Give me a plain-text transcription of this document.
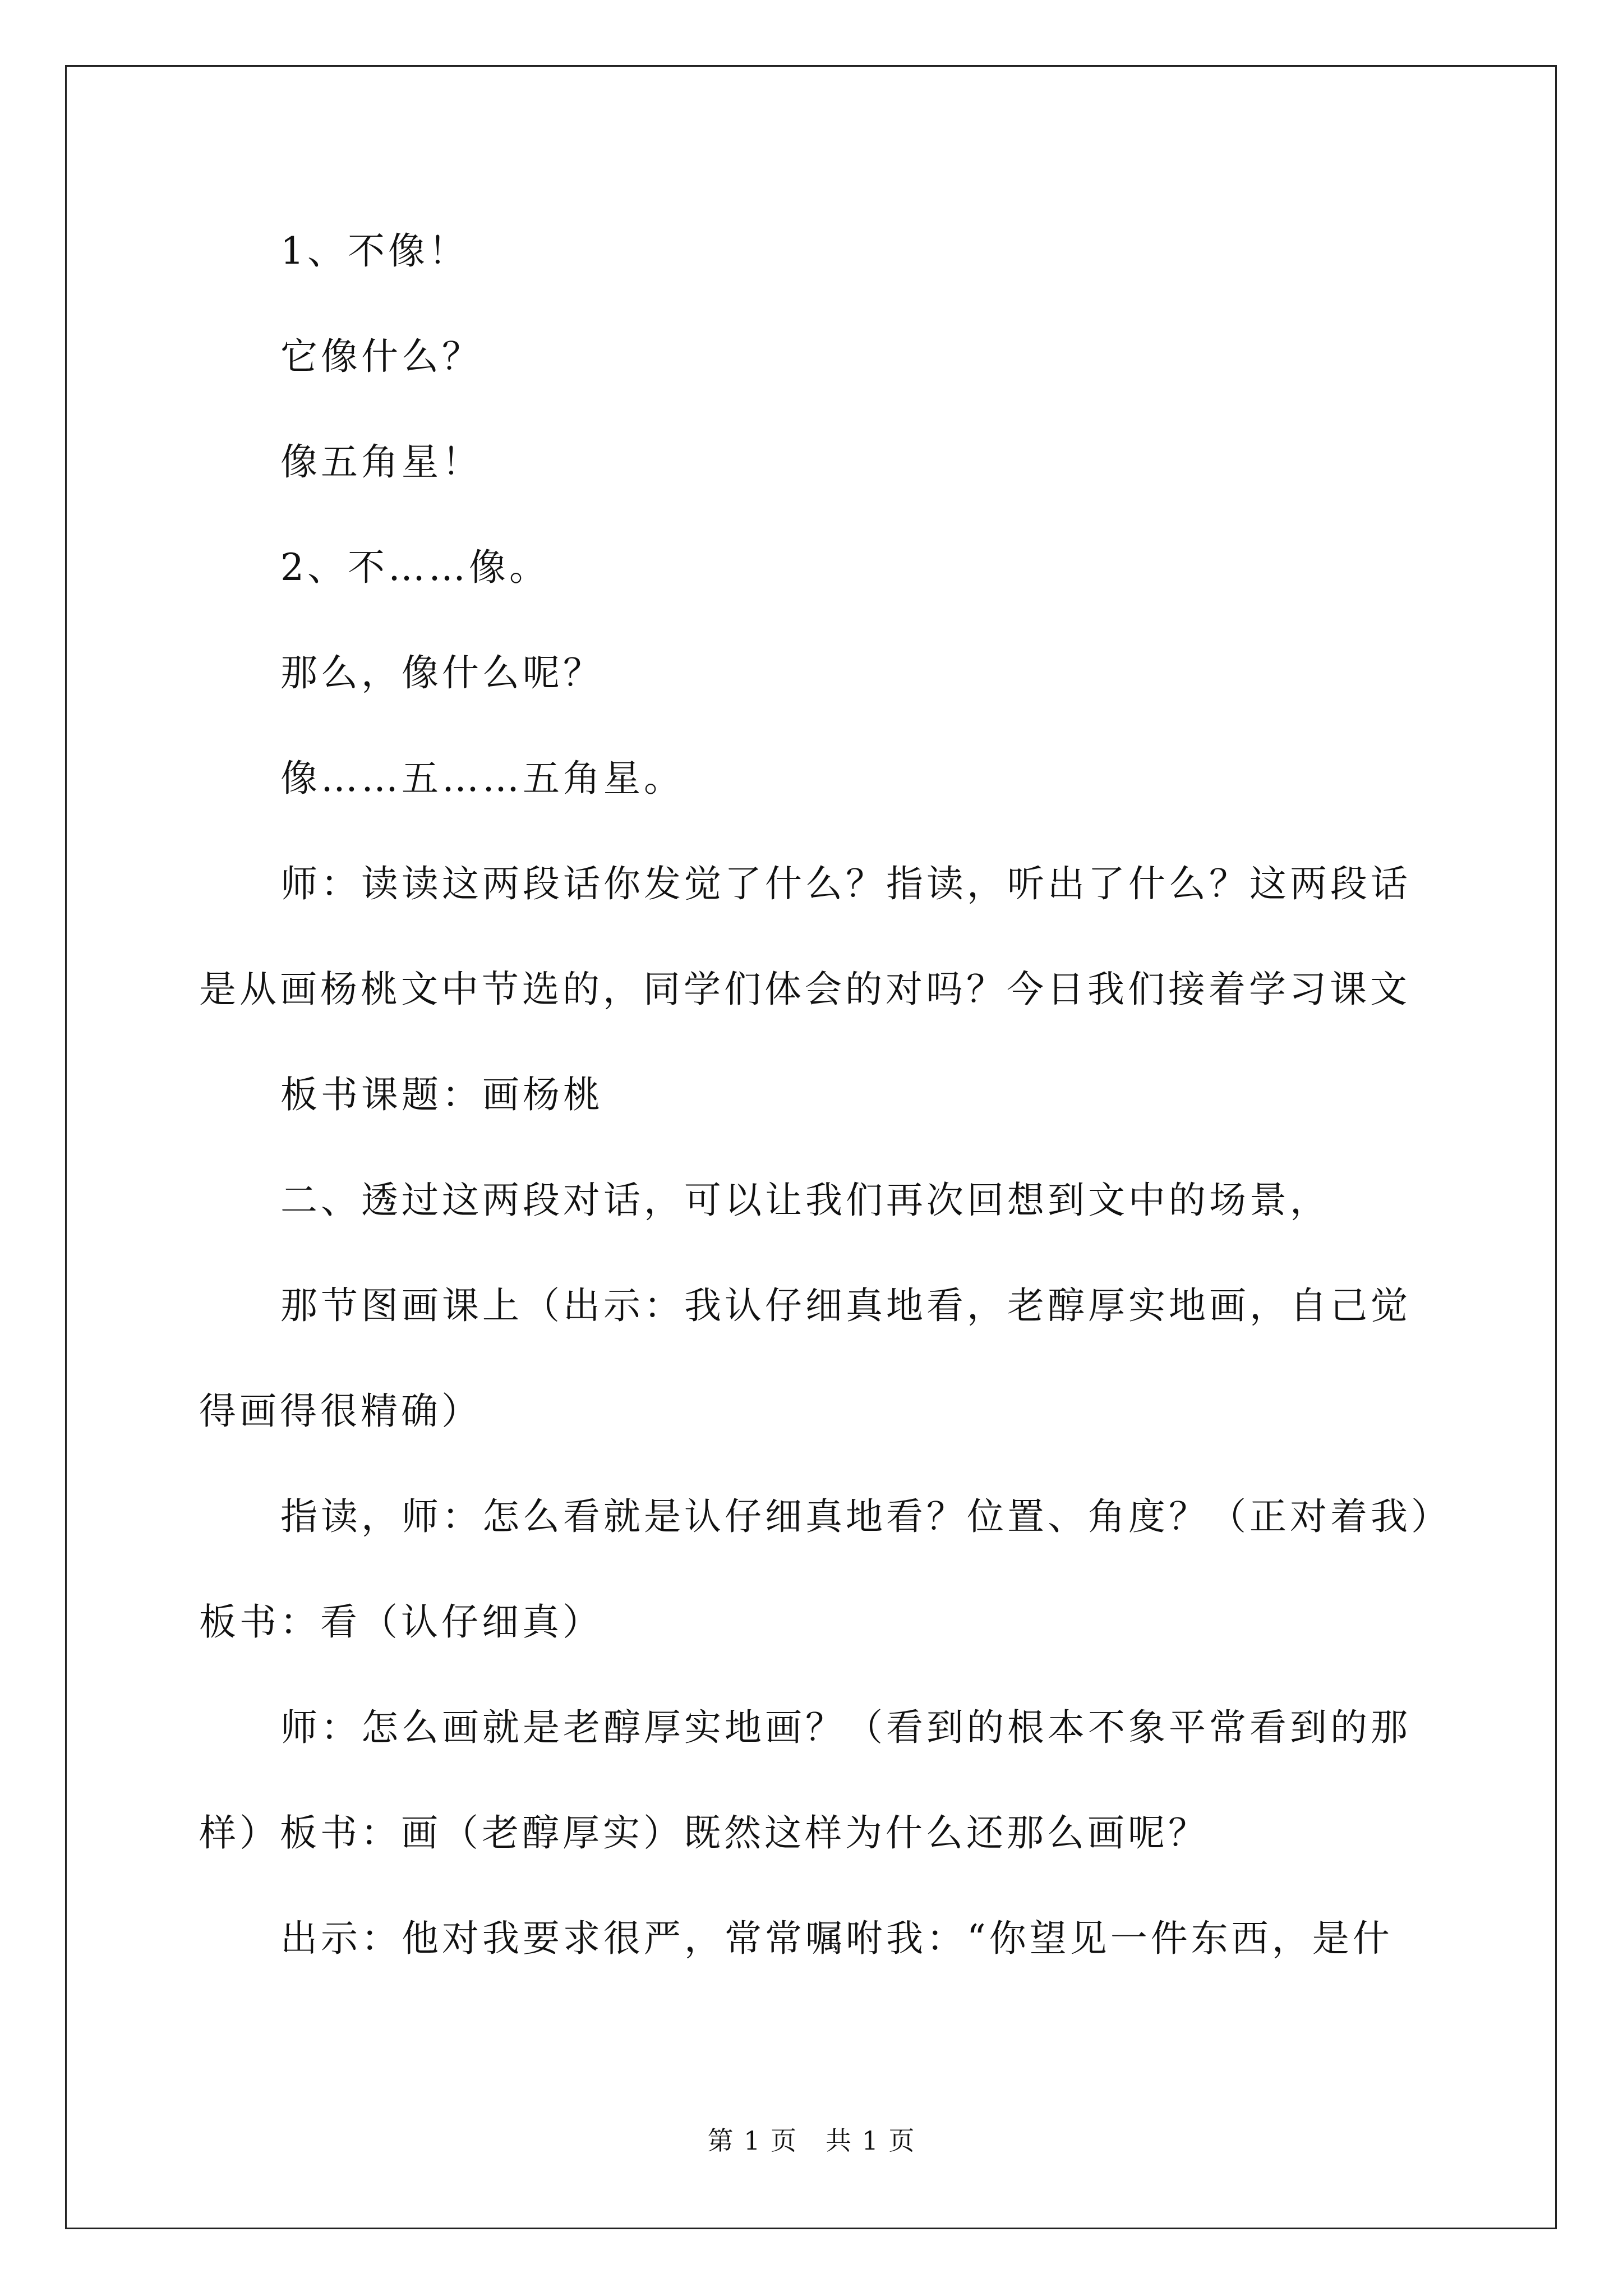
1、不像！
它像什么？
像五角星！
2、不……像。
那么，像什么呢？
像……五……五角星。
师：读读这两段话你发觉了什么？指读，听出了什么？这两段话
是从画杨桃文中节选的，同学们体会的对吗？今日我们接着学习课文
板书课题：画杨桃
二、透过这两段对话，可以让我们再次回想到文中的场景，
那节图画课上（出示：我认仔细真地看，老醇厚实地画，自己觉
得画得很精确）
指读，师：怎么看就是认仔细真地看？位置、角度？（正对着我）
板书：看（认仔细真）
师：怎么画就是老醇厚实地画？（看到的根本不象平常看到的那
样）板书：画（老醇厚实）既然这样为什么还那么画呢？
出示：他对我要求很严，常常嘱咐我：“你望见一件东西，是什
第 1 页 共 1 页
